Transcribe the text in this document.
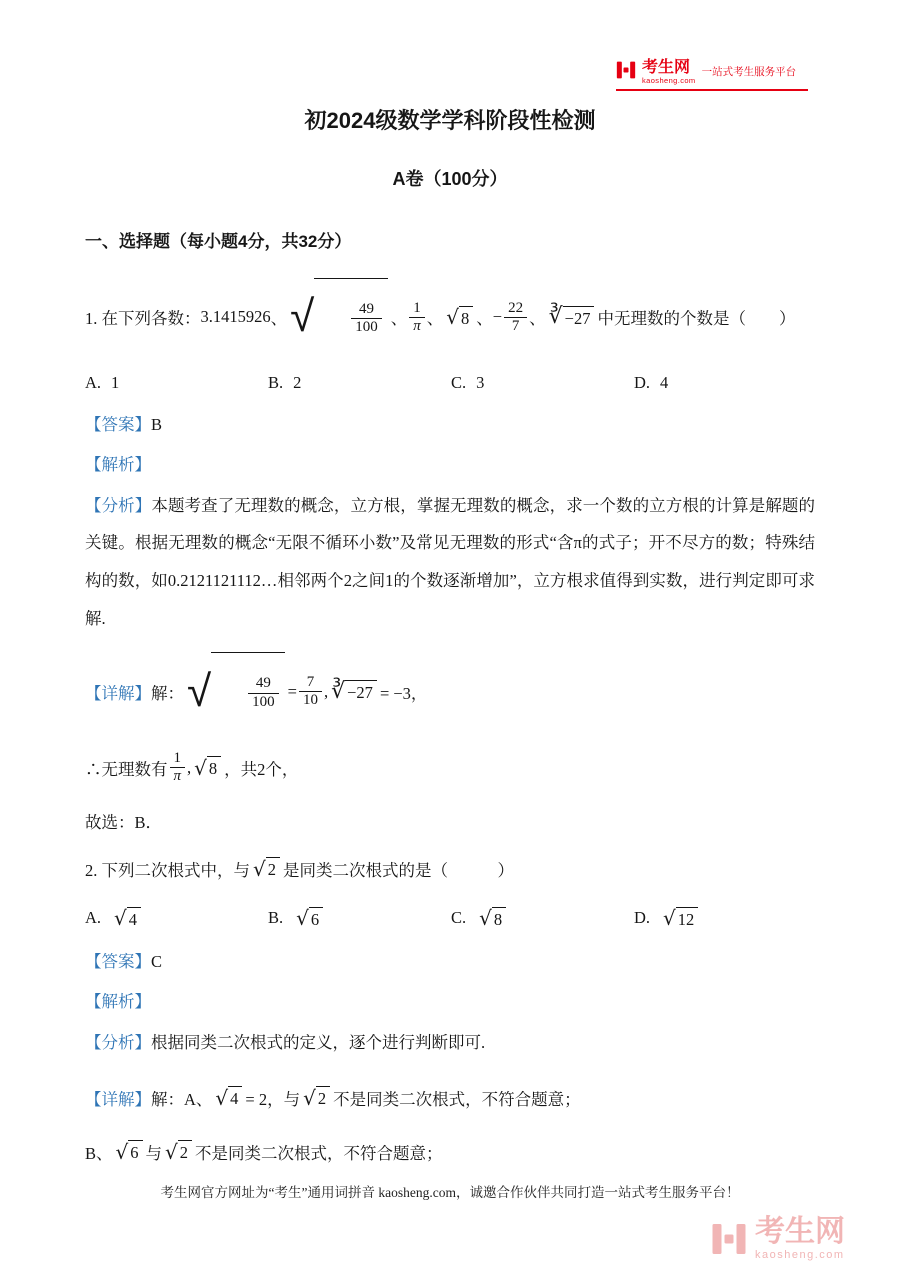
考生网
kaosheng.com
一站式考生服务平台
初2024级数学学科阶段性检测
A卷（100分）
一、选择题（每小题4分，共32分）
1. 在下列各数： 3.1415926 、 √

$\frac{49}{100}$

、 $\frac{1}{\pi}$ 、 √ 8 、 − $\frac{22}{7}$ 、 ∛ −27 中无理数的个数是（　　）
A. 1	B. 2	C. 3	D. 4
【答案】B
【解析】
【分析】本题考查了无理数的概念，立方根，掌握无理数的概念，求一个数的立方根的计算是解题的关键。根据无理数的概念“无限不循环小数”及常见无理数的形式“含π的式子；开不尽方的数；特殊结构的数，如0.2121121112…相邻两个2之间1的个数逐渐增加”，立方根求值得到实数，进行判定即可求解.
【详解】 解： √

$\frac{49}{100}$

= $\frac{7}{10}$ , ∛ −27 = −3，
∴无理数有 $\frac{1}{\pi}$ , √ 8 ，共2个，
故选：B．
2. 下列二次根式中，与 √ 2 是同类二次根式的是（　　　）
A. √ 4	B. √ 6	C. √ 8	D. √ 12
【答案】C
【解析】
【分析】根据同类二次根式的定义，逐个进行判断即可.
【详解】 解：A、 √ 4 = 2，与 √ 2 不是同类二次根式，不符合题意；
B、 √ 6 与 √ 2 不是同类二次根式，不符合题意；
考生网官方网址为“考生”通用词拼音 kaosheng.com，诚邀合作伙伴共同打造一站式考生服务平台！
考生网
kaosheng.com
